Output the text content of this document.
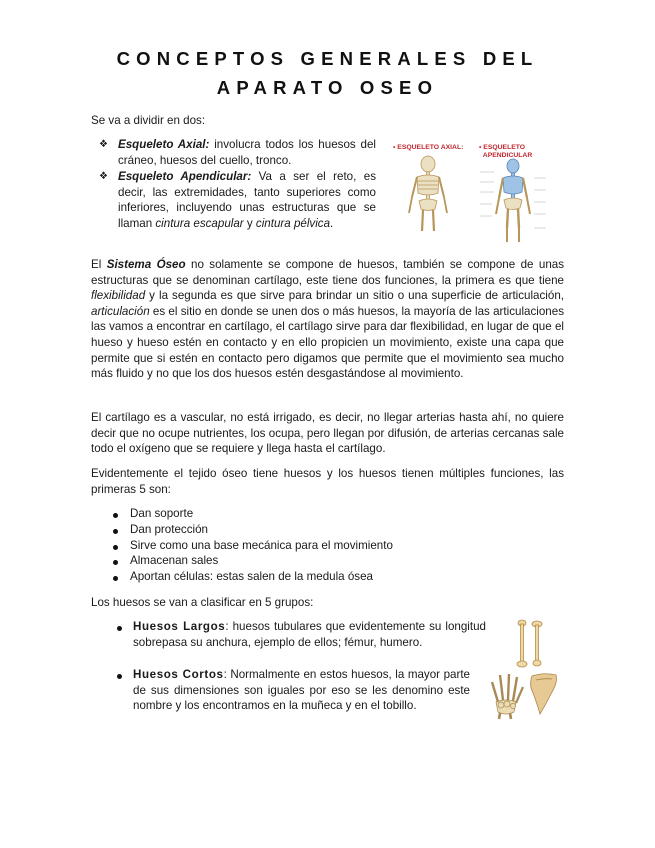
CONCEPTOS GENERALES DEL
APARATO OSEO
Se va a dividir en dos:
❖ Esqueleto Axial: involucra todos los huesos del cráneo, huesos del cuello, tronco.
❖ Esqueleto Apendicular: Va a ser el reto, es decir, las extremidades, tanto superiores como inferiores, incluyendo unas estructuras que se llaman cintura escapular y cintura pélvica.
• ESQUELETO AXIAL: • ESQUELETO
APENDICULAR
El Sistema Óseo no solamente se compone de huesos, también se compone de unas estructuras que se denominan cartílago, este tiene dos funciones, la primera es que tiene flexibilidad y la segunda es que sirve para brindar un sitio o una superficie de articulación, articulación es el sitio en donde se unen dos o más huesos, la mayoría de las articulaciones las vamos a encontrar en cartílago, el cartílago sirve para dar flexibilidad, en lugar de que el hueso y hueso estén en contacto y en ello propicien un movimiento, existe una capa que permite que si estén en contacto pero digamos que permite que el movimiento sea mucho más fluido y no que los dos huesos estén desgastándose al movimiento.
El cartílago es a vascular, no está irrigado, es decir, no llegar arterias hasta ahí, no quiere decir que no ocupe nutrientes, los ocupa, pero llegan por difusión, de arterias cercanas sale todo el oxígeno que se requiere y llega hasta el cartílago.
Evidentemente el tejido óseo tiene huesos y los huesos tienen múltiples funciones, las primeras 5 son:
Dan soporte
Dan protección
Sirve como una base mecánica para el movimiento
Almacenan sales
Aportan células: estas salen de la medula ósea
Los huesos se van a clasificar en 5 grupos:
Huesos Largos: huesos tubulares que evidentemente su longitud sobrepasa su anchura, ejemplo de ellos; fémur, humero.
Huesos Cortos: Normalmente en estos huesos, la mayor parte de sus dimensiones son iguales por eso se les denomino este nombre y los encontramos en la muñeca y en el tobillo.
